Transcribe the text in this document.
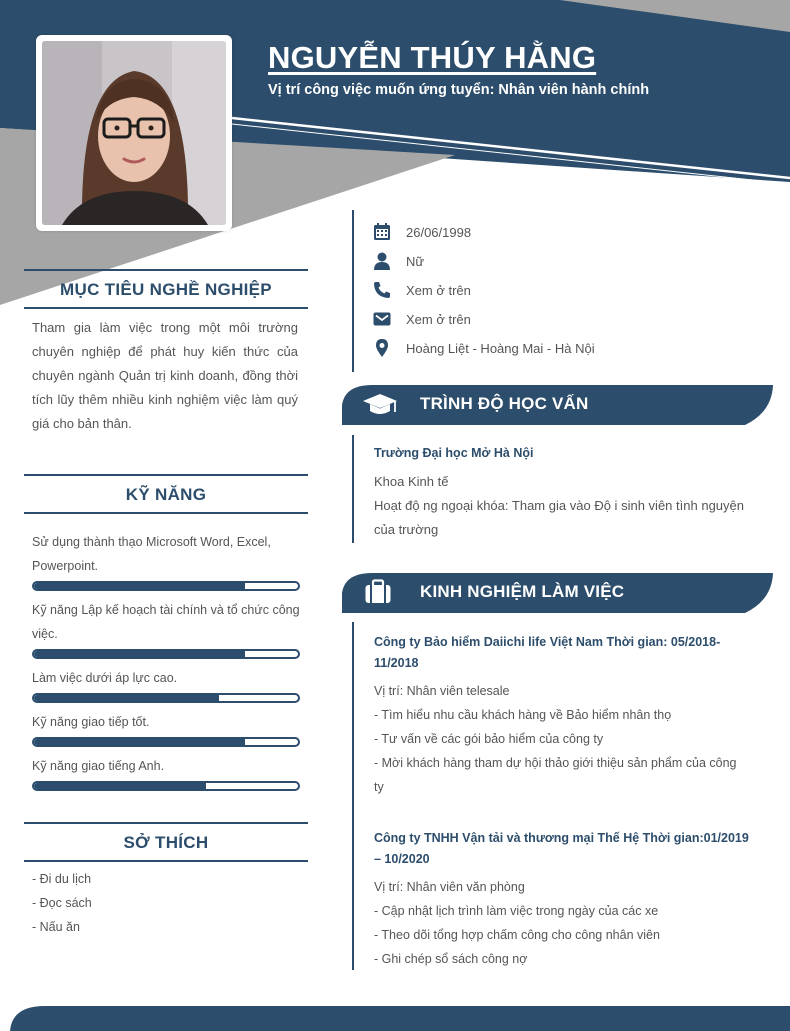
NGUYỄN THÚY HẰNG
Vị trí công việc muốn ứng tuyển: Nhân viên hành chính
26/06/1998
Nữ
Xem ở trên
Xem ở trên
Hoàng Liệt - Hoàng Mai - Hà Nội
TRÌNH ĐỘ HỌC VẤN
Trường Đại học Mở Hà Nội
Khoa Kinh tế
Hoạt độ ng ngoại khóa: Tham gia vào Độ i sinh viên tình nguyện của trường
KINH NGHIỆM LÀM VIỆC
Công ty Bảo hiểm Daiichi life Việt Nam Thời gian: 05/2018-11/2018
Vị trí: Nhân viên telesale
- Tìm hiểu nhu cầu khách hàng về Bảo hiểm nhân thọ
- Tư vấn về các gói bảo hiểm của công ty
- Mời khách hàng tham dự hội thảo giới thiệu sản phẩm của công ty
Công ty TNHH Vận tải và thương mại Thế Hệ Thời gian:01/2019 – 10/2020
Vị trí: Nhân viên văn phòng
- Cập nhật lịch trình làm việc trong ngày của các xe
- Theo dõi tổng hợp chấm công cho công nhân viên
- Ghi chép sổ sách công nợ
MỤC TIÊU NGHỀ NGHIỆP
Tham gia làm việc trong một môi trường chuyên nghiệp để phát huy kiến thức của chuyên ngành Quản trị kinh doanh, đồng thời tích lũy thêm nhiều kinh nghiệm việc làm quý giá cho bản thân.
KỸ NĂNG
Sử dụng thành thạo Microsoft Word, Excel, Powerpoint.
Kỹ năng Lập kế hoạch tài chính và tổ chức công việc.
Làm việc dưới áp lực cao.
Kỹ năng giao tiếp tốt.
Kỹ năng giao tiếng Anh.
SỞ THÍCH
- Đi du lịch
- Đọc sách
- Nấu ăn
